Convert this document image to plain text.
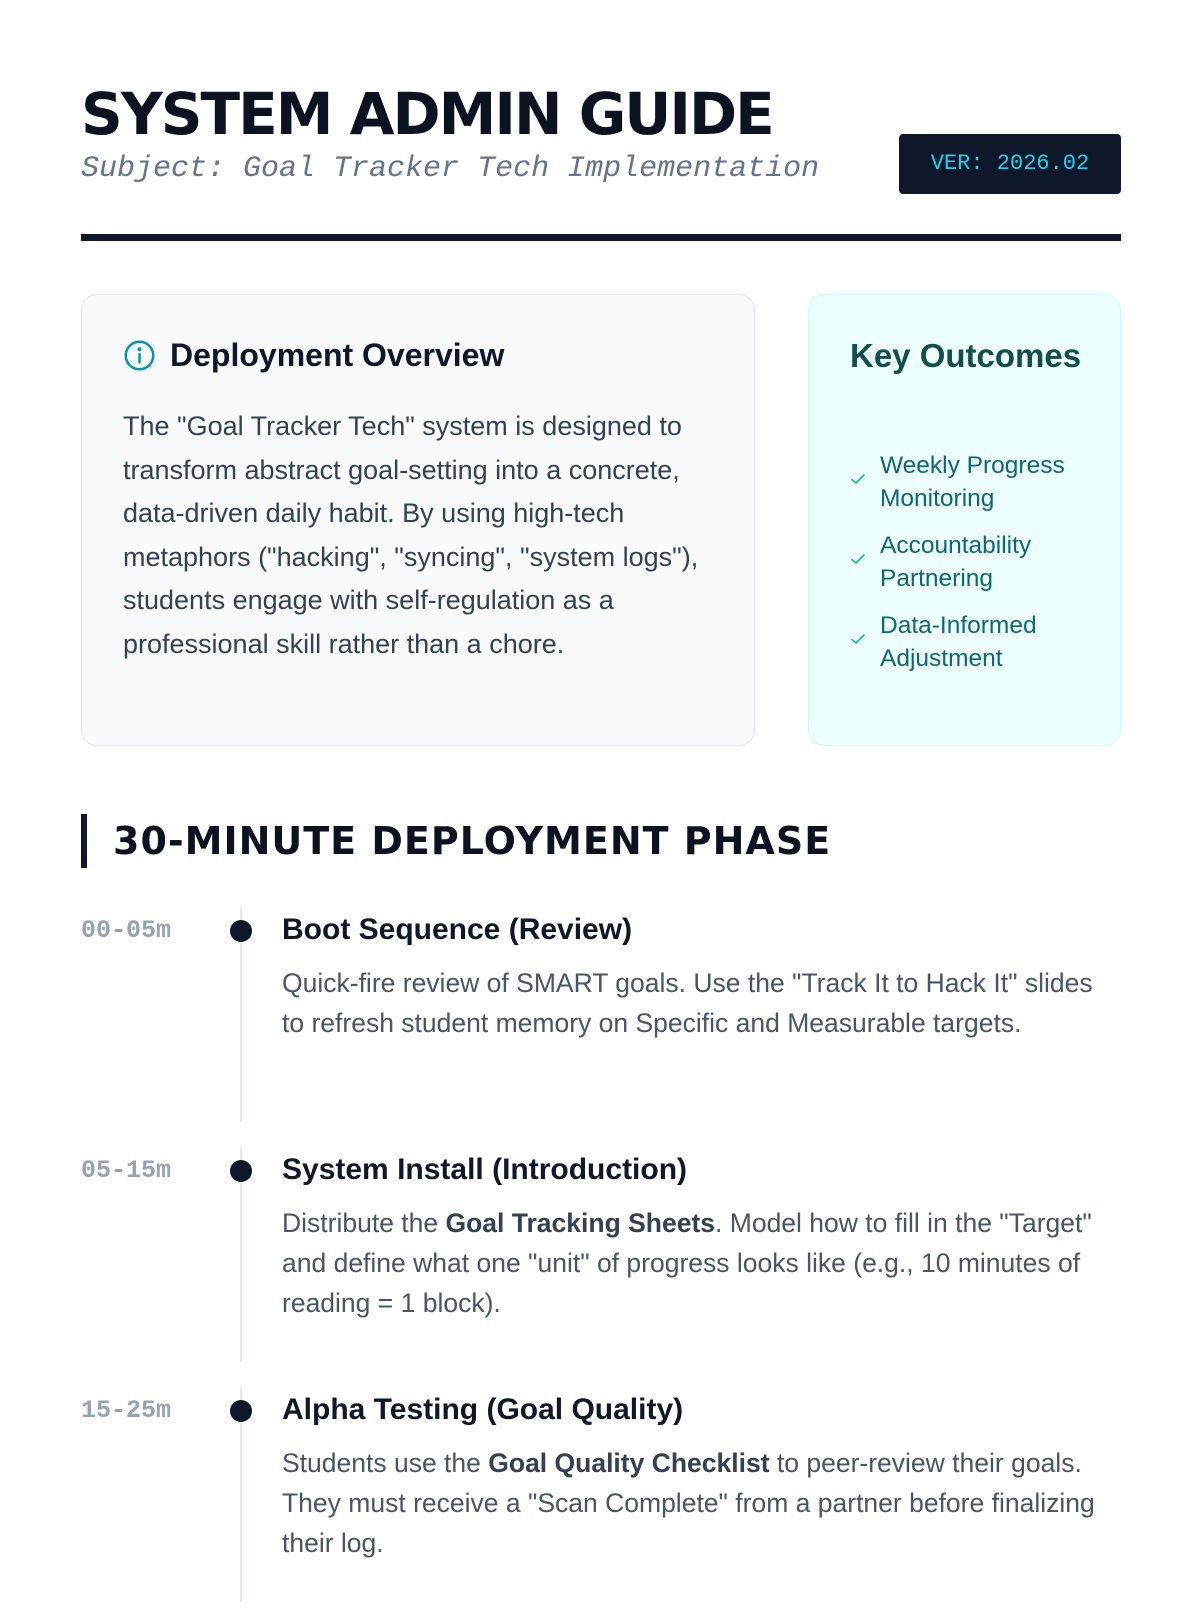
SYSTEM ADMIN GUIDE
Subject: Goal Tracker Tech Implementation	VER: 2026.02
Deployment Overview

The "Goal Tracker Tech" system is designed to transform abstract goal-setting into a concrete, data-driven daily habit. By using high-tech metaphors ("hacking", "syncing", "system logs"), students engage with self-regulation as a professional skill rather than a chore.

Key Outcomes
Weekly Progress Monitoring
Accountability Partnering
Data-Informed Adjustment
30-MINUTE DEPLOYMENT PHASE
00-05m	Boot Sequence (Review)

Quick-fire review of SMART goals. Use the "Track It to Hack It" slides to refresh student memory on Specific and Measurable targets.

05-15m	System Install (Introduction)

Distribute the Goal Tracking Sheets. Model how to fill in the "Target" and define what one "unit" of progress looks like (e.g., 10 minutes of reading = 1 block).

15-25m	Alpha Testing (Goal Quality)

Students use the Goal Quality Checklist to peer-review their goals. They must receive a "Scan Complete" from a partner before finalizing their log.
